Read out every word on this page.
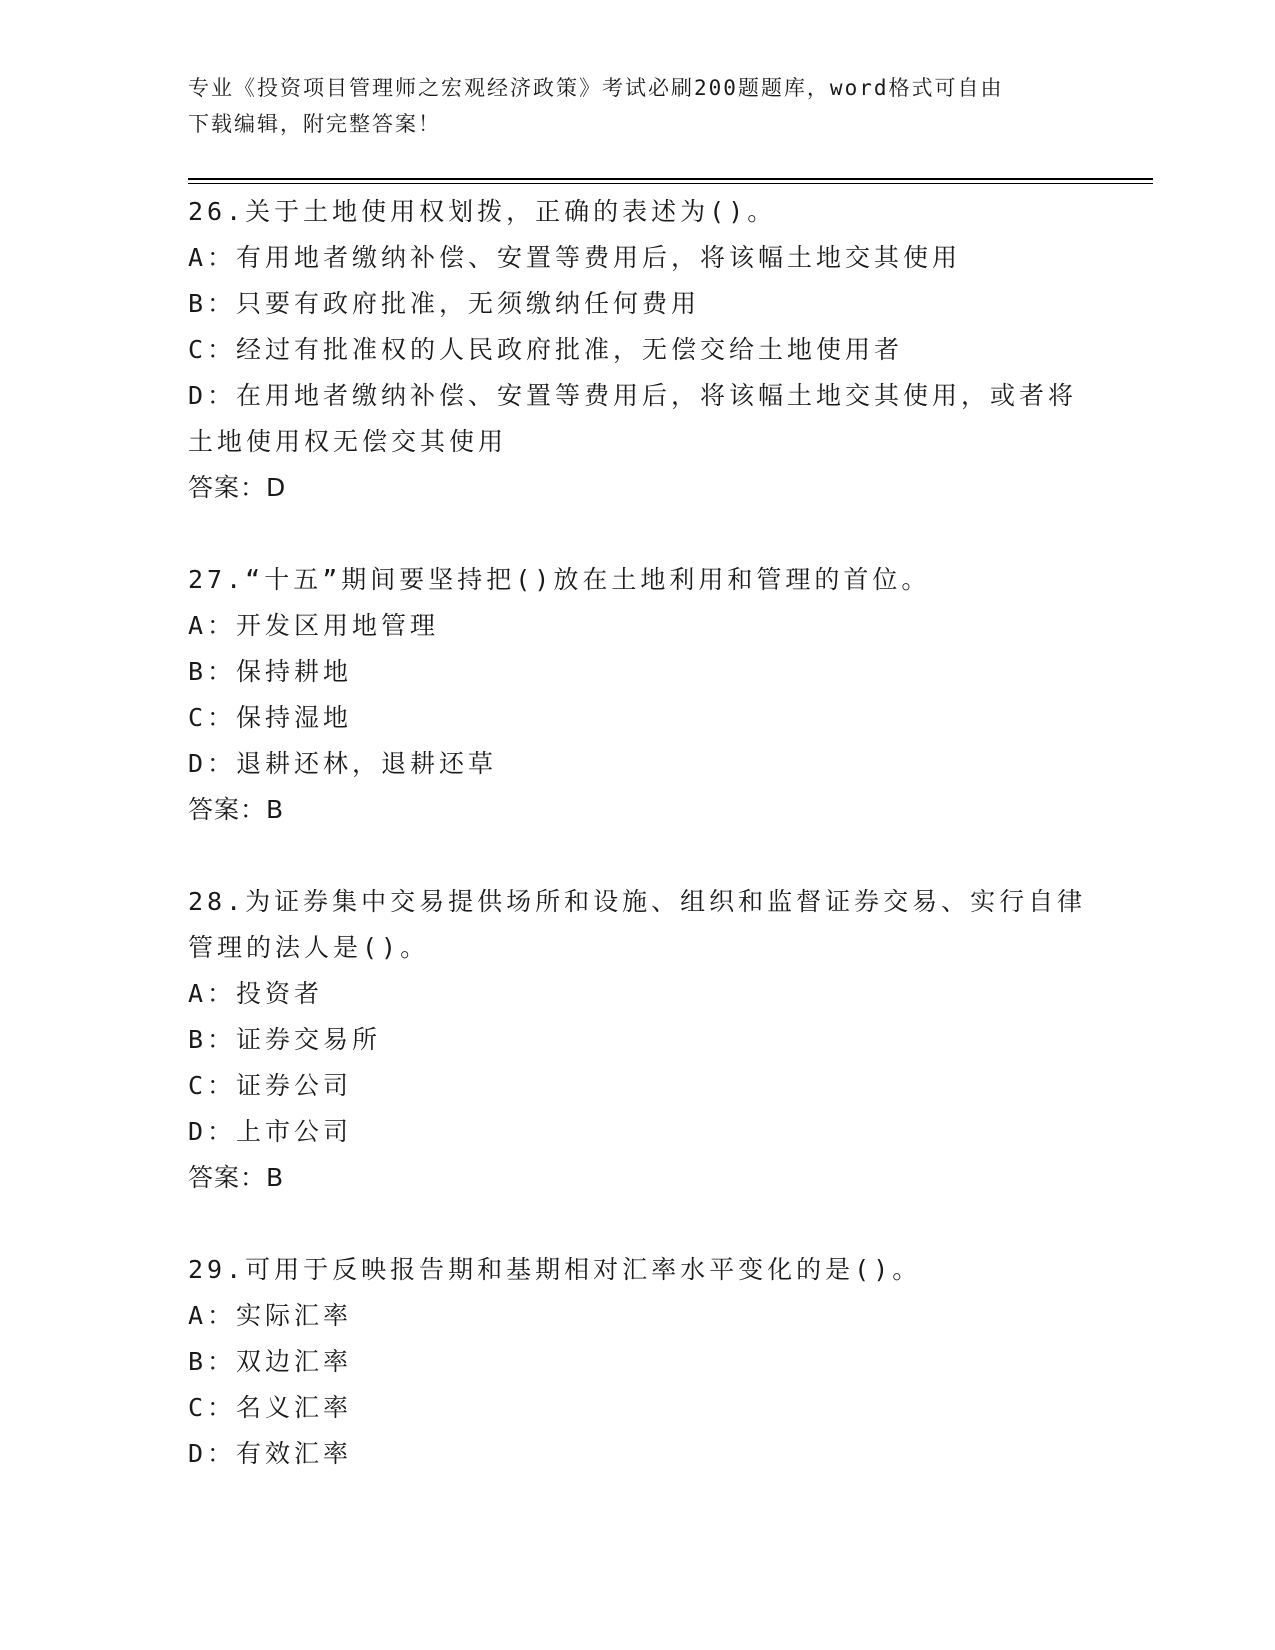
专业《投资项目管理师之宏观经济政策》考试必刷200题题库，word格式可自由
下载编辑，附完整答案！
26.关于土地使用权划拨，正确的表述为()。
A：有用地者缴纳补偿、安置等费用后，将该幅土地交其使用
B：只要有政府批准，无须缴纳任何费用
C：经过有批准权的人民政府批准，无偿交给土地使用者
D：在用地者缴纳补偿、安置等费用后，将该幅土地交其使用，或者将土地使用权无偿交其使用
答案：D
27.“十五”期间要坚持把()放在土地利用和管理的首位。
A：开发区用地管理
B：保持耕地
C：保持湿地
D：退耕还林，退耕还草
答案：B
28.为证券集中交易提供场所和设施、组织和监督证券交易、实行自律管理的法人是()。
A：投资者
B：证券交易所
C：证券公司
D：上市公司
答案：B
29.可用于反映报告期和基期相对汇率水平变化的是()。
A：实际汇率
B：双边汇率
C：名义汇率
D：有效汇率
